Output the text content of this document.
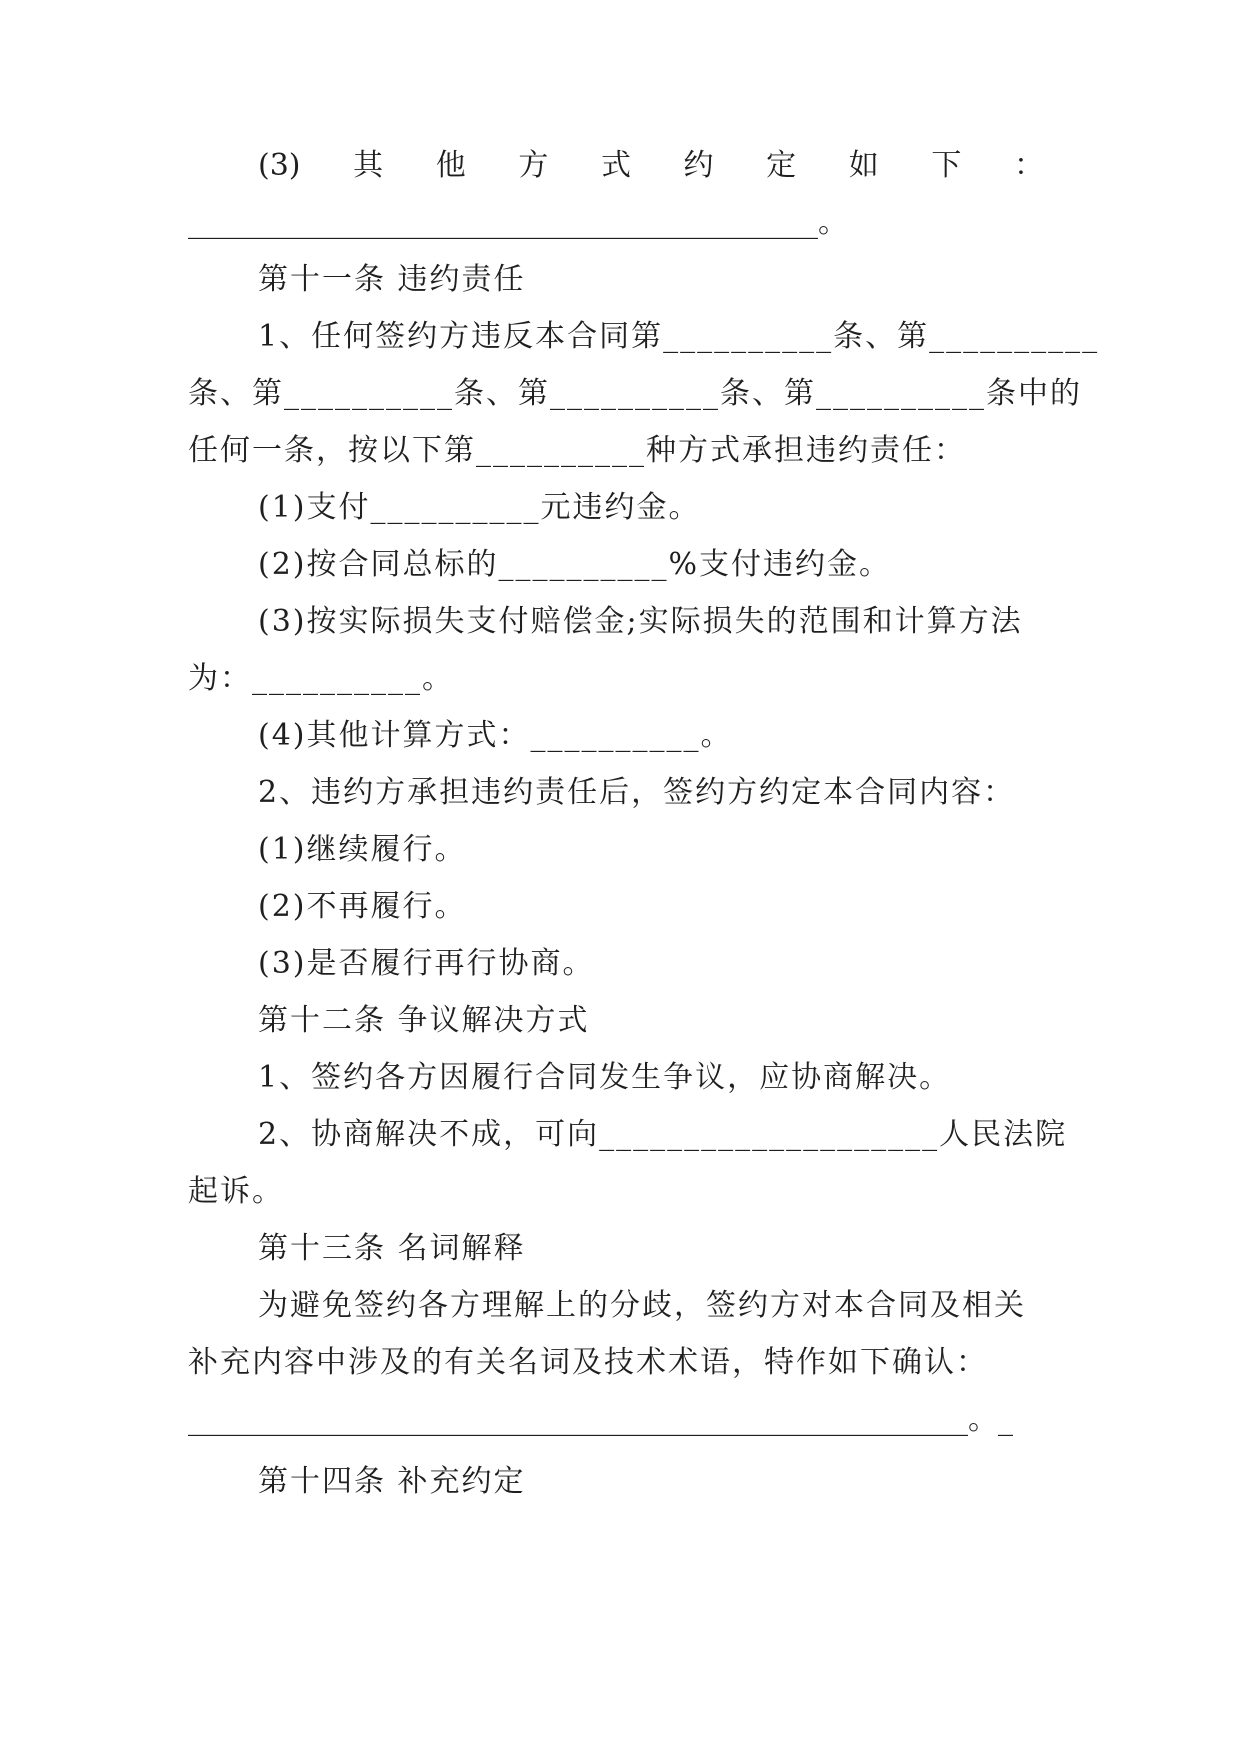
(3) 其 他 方 式 约 定 如 下 ：
__________________________________________。
第十一条 违约责任
1、任何签约方违反本合同第__________条、第__________
条、第__________条、第__________条、第__________条中的
任何一条，按以下第__________种方式承担违约责任：
(1)支付__________元违约金。
(2)按合同总标的__________%支付违约金。
(3)按实际损失支付赔偿金;实际损失的范围和计算方法
为：__________。
(4)其他计算方式：__________。
2、违约方承担违约责任后，签约方约定本合同内容：
(1)继续履行。
(2)不再履行。
(3)是否履行再行协商。
第十二条 争议解决方式
1、签约各方因履行合同发生争议，应协商解决。
2、协商解决不成，可向____________________人民法院
起诉。
第十三条 名词解释
为避免签约各方理解上的分歧，签约方对本合同及相关
补充内容中涉及的有关名词及技术术语，特作如下确认：
____________________________________________________。_
第十四条 补充约定
